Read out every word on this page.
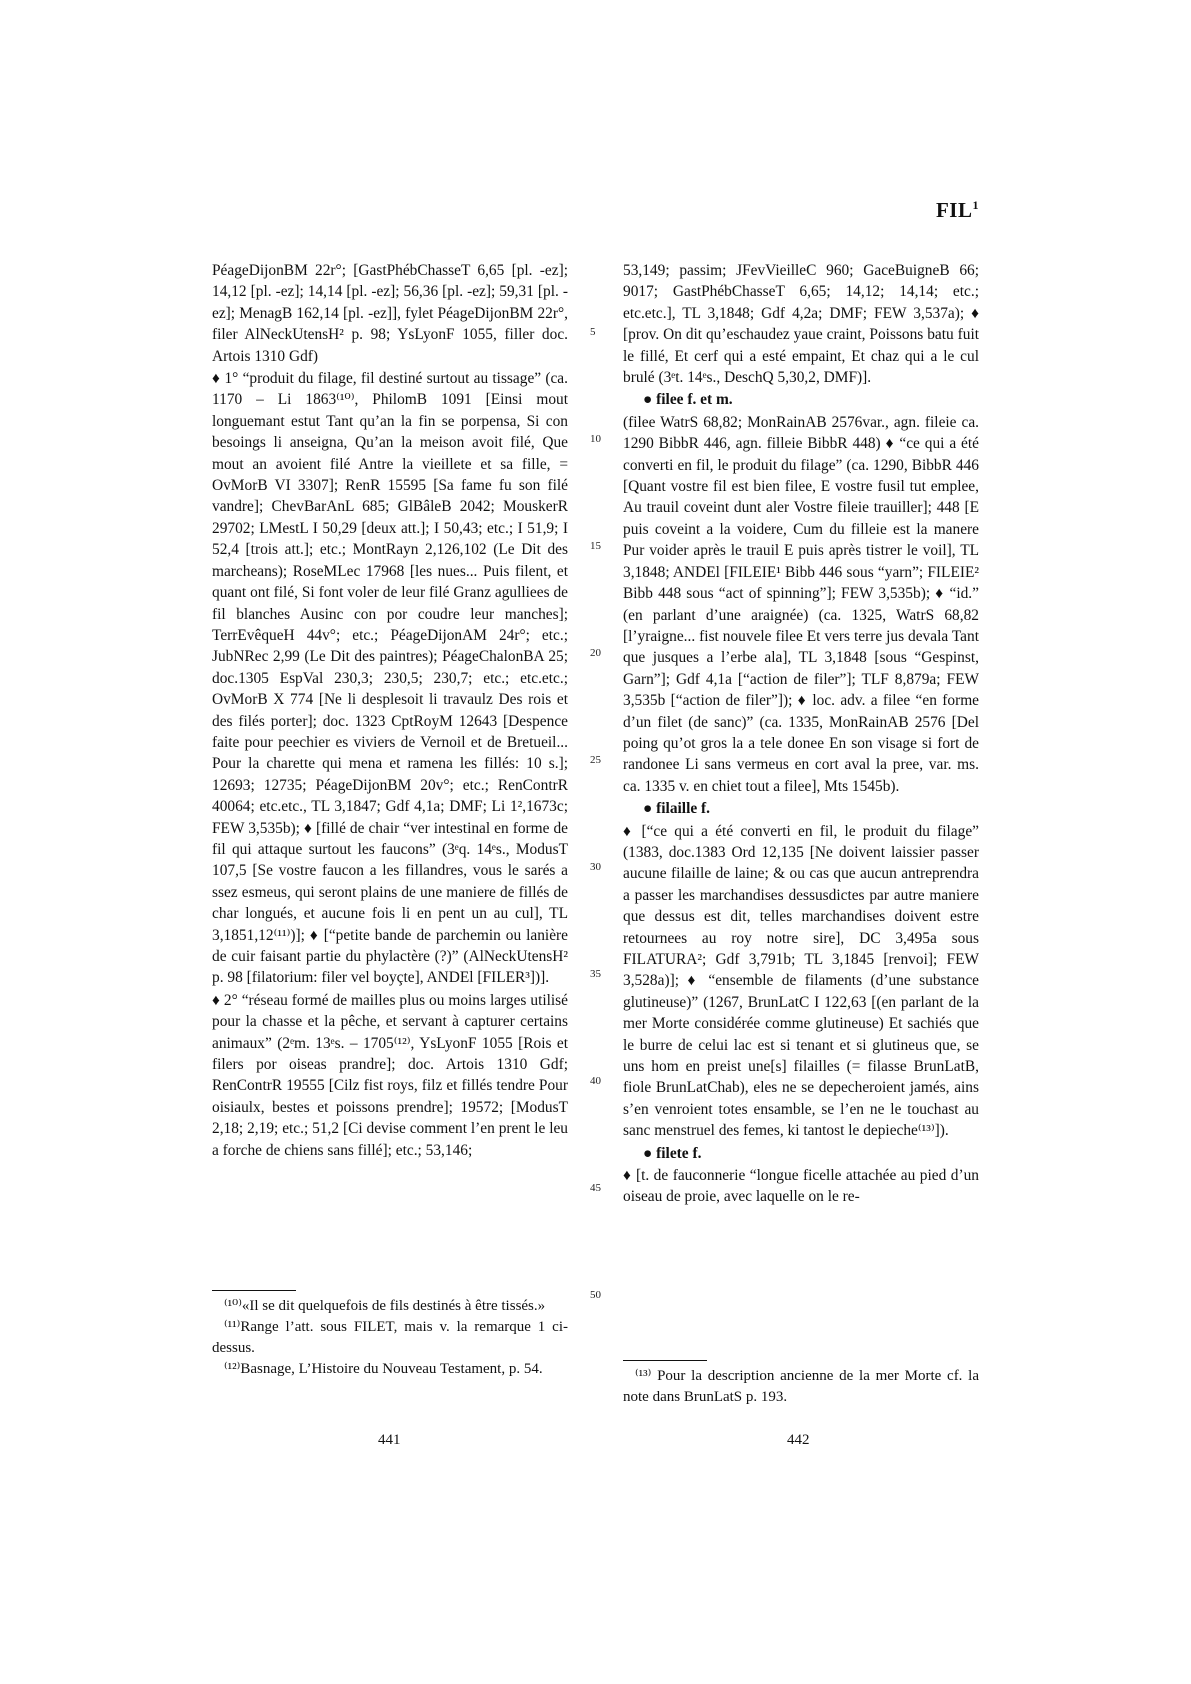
FIL$^1$

PéageDijonBM 22r°; [GastPhébChasseT 6,65 [pl. -ez]; 14,12 [pl. -ez]; 14,14 [pl. -ez]; 56,36 [pl. -ez]; 59,31 [pl. -ez]; MenagB 162,14 [pl. -ez]], fylet PéageDijonBM 22r°, filer AlNeckUtensH² p. 98; YsLyonF 1055, filler doc. Artois 1310 Gdf)

♦ 1° “produit du filage, fil destiné surtout au tissage” (ca. 1170 – Li 1863⁽¹⁰⁾, PhilomB 1091 [Einsi mout longuemant estut Tant qu’an la fin se porpensa, Si con besoings li anseigna, Qu’an la meison avoit filé, Que mout an avoient filé Antre la vieillete et sa fille, = OvMorB VI 3307]; RenR 15595 [Sa fame fu son filé vandre]; ChevBarAnL 685; GlBâleB 2042; MouskerR 29702; LMestL I 50,29 [deux att.]; I 50,43; etc.; I 51,9; I 52,4 [trois att.]; etc.; MontRayn 2,126,102 (Le Dit des marcheans); RoseMLec 17968 [les nues... Puis filent, et quant ont filé, Si font voler de leur filé Granz agulliees de fil blanches Ausinc con por coudre leur manches]; TerrEvêqueH 44v°; etc.; PéageDijonAM 24r°; etc.; JubNRec 2,99 (Le Dit des paintres); PéageChalonBA 25; doc.1305 EspVal 230,3; 230,5; 230,7; etc.; etc.etc.; OvMorB X 774 [Ne li desplesoit li travaulz Des rois et des filés porter]; doc. 1323 CptRoyM 12643 [Despence faite pour peechier es viviers de Vernoil et de Bretueil... Pour la charette qui mena et ramena les fillés: 10 s.]; 12693; 12735; PéageDijonBM 20v°; etc.; RenContrR 40064; etc.etc., TL 3,1847; Gdf 4,1a; DMF; Li 1²,1673c; FEW 3,535b); ♦ [fillé de chair “ver intestinal en forme de fil qui attaque surtout les faucons” (3ᵉq. 14ᵉs., ModusT 107,5 [Se vostre faucon a les fillandres, vous le sarés a ssez esmeus, qui seront plains de une maniere de fillés de char longués, et aucune fois li en pent un au cul], TL 3,1851,12⁽¹¹⁾)]; ♦ [“petite bande de parchemin ou lanière de cuir faisant partie du phylactère (?)” (AlNeckUtensH² p. 98 [filatorium: filer vel boyçte], ANDEl [FILER³])].

♦ 2° “réseau formé de mailles plus ou moins larges utilisé pour la chasse et la pêche, et servant à capturer certains animaux” (2ᵉm. 13ᵉs. – 1705⁽¹²⁾, YsLyonF 1055 [Rois et filers por oiseas prandre]; doc. Artois 1310 Gdf; RenContrR 19555 [Cilz fist roys, filz et fillés tendre Pour oisiaulx, bestes et poissons prendre]; 19572; [ModusT 2,18; 2,19; etc.; 51,2 [Ci devise comment l’en prent le leu a forche de chiens sans fillé]; etc.; 53,146;

5
10
15
20
25
30
35
40
45
50

53,149; passim; JFevVieilleC 960; GaceBuigneB 66; 9017; GastPhébChasseT 6,65; 14,12; 14,14; etc.; etc.etc.], TL 3,1848; Gdf 4,2a; DMF; FEW 3,537a); ♦ [prov. On dit qu’eschaudez yaue craint, Poissons batu fuit le fillé, Et cerf qui a esté empaint, Et chaz qui a le cul brulé (3ᵉt. 14ᵉs., DeschQ 5,30,2, DMF)].

● filee f. et m.

(filee WatrS 68,82; MonRainAB 2576var., agn. fileie ca. 1290 BibbR 446, agn. filleie BibbR 448) ♦ “ce qui a été converti en fil, le produit du filage” (ca. 1290, BibbR 446 [Quant vostre fil est bien filee, E vostre fusil tut emplee, Au trauil coveint dunt aler Vostre fileie trauiller]; 448 [E puis coveint a la voidere, Cum du filleie est la manere Pur voider après le trauil E puis après tistrer le voil], TL 3,1848; ANDEl [FILEIE¹ Bibb 446 sous “yarn”; FILEIE² Bibb 448 sous “act of spinning”]; FEW 3,535b); ♦ “id.” (en parlant d’une araignée) (ca. 1325, WatrS 68,82 [l’yraigne... fist nouvele filee Et vers terre jus devala Tant que jusques a l’erbe ala], TL 3,1848 [sous “Gespinst, Garn”]; Gdf 4,1a [“action de filer”]; TLF 8,879a; FEW 3,535b [“action de filer”]); ♦ loc. adv. a filee “en forme d’un filet (de sanc)” (ca. 1335, MonRainAB 2576 [Del poing qu’ot gros la a tele donee En son visage si fort de randonee Li sans vermeus en cort aval la pree, var. ms. ca. 1335 v. en chiet tout a filee], Mts 1545b).

● filaille f.

♦ [“ce qui a été converti en fil, le produit du filage” (1383, doc.1383 Ord 12,135 [Ne doivent laissier passer aucune filaille de laine; & ou cas que aucun antreprendra a passer les marchandises dessusdictes par autre maniere que dessus est dit, telles marchandises doivent estre retournees au roy notre sire], DC 3,495a sous FILATURA²; Gdf 3,791b; TL 3,1845 [renvoi]; FEW 3,528a)]; ♦ “ensemble de filaments (d’une substance glutineuse)” (1267, BrunLatC I 122,63 [(en parlant de la mer Morte considérée comme glutineuse) Et sachiés que le burre de celui lac est si tenant et si glutineus que, se uns hom en preist une[s] filailles (= filasse BrunLatB, fiole BrunLatChab), eles ne se depecheroient jamés, ains s’en venroient totes ensamble, se l’en ne le touchast au sanc menstruel des femes, ki tantost le depieche⁽¹³⁾]).

● filete f.

♦ [t. de fauconnerie “longue ficelle attachée au pied d’un oiseau de proie, avec laquelle on le re-

⁽¹⁰⁾«Il se dit quelquefois de fils destinés à être tissés.»

⁽¹¹⁾Range l’att. sous FILET, mais v. la remarque 1 ci-dessus.

⁽¹²⁾Basnage, L’Histoire du Nouveau Testament, p. 54.	⁽¹³⁾ Pour la description ancienne de la mer Morte cf. la note dans BrunLatS p. 193.

441	442
